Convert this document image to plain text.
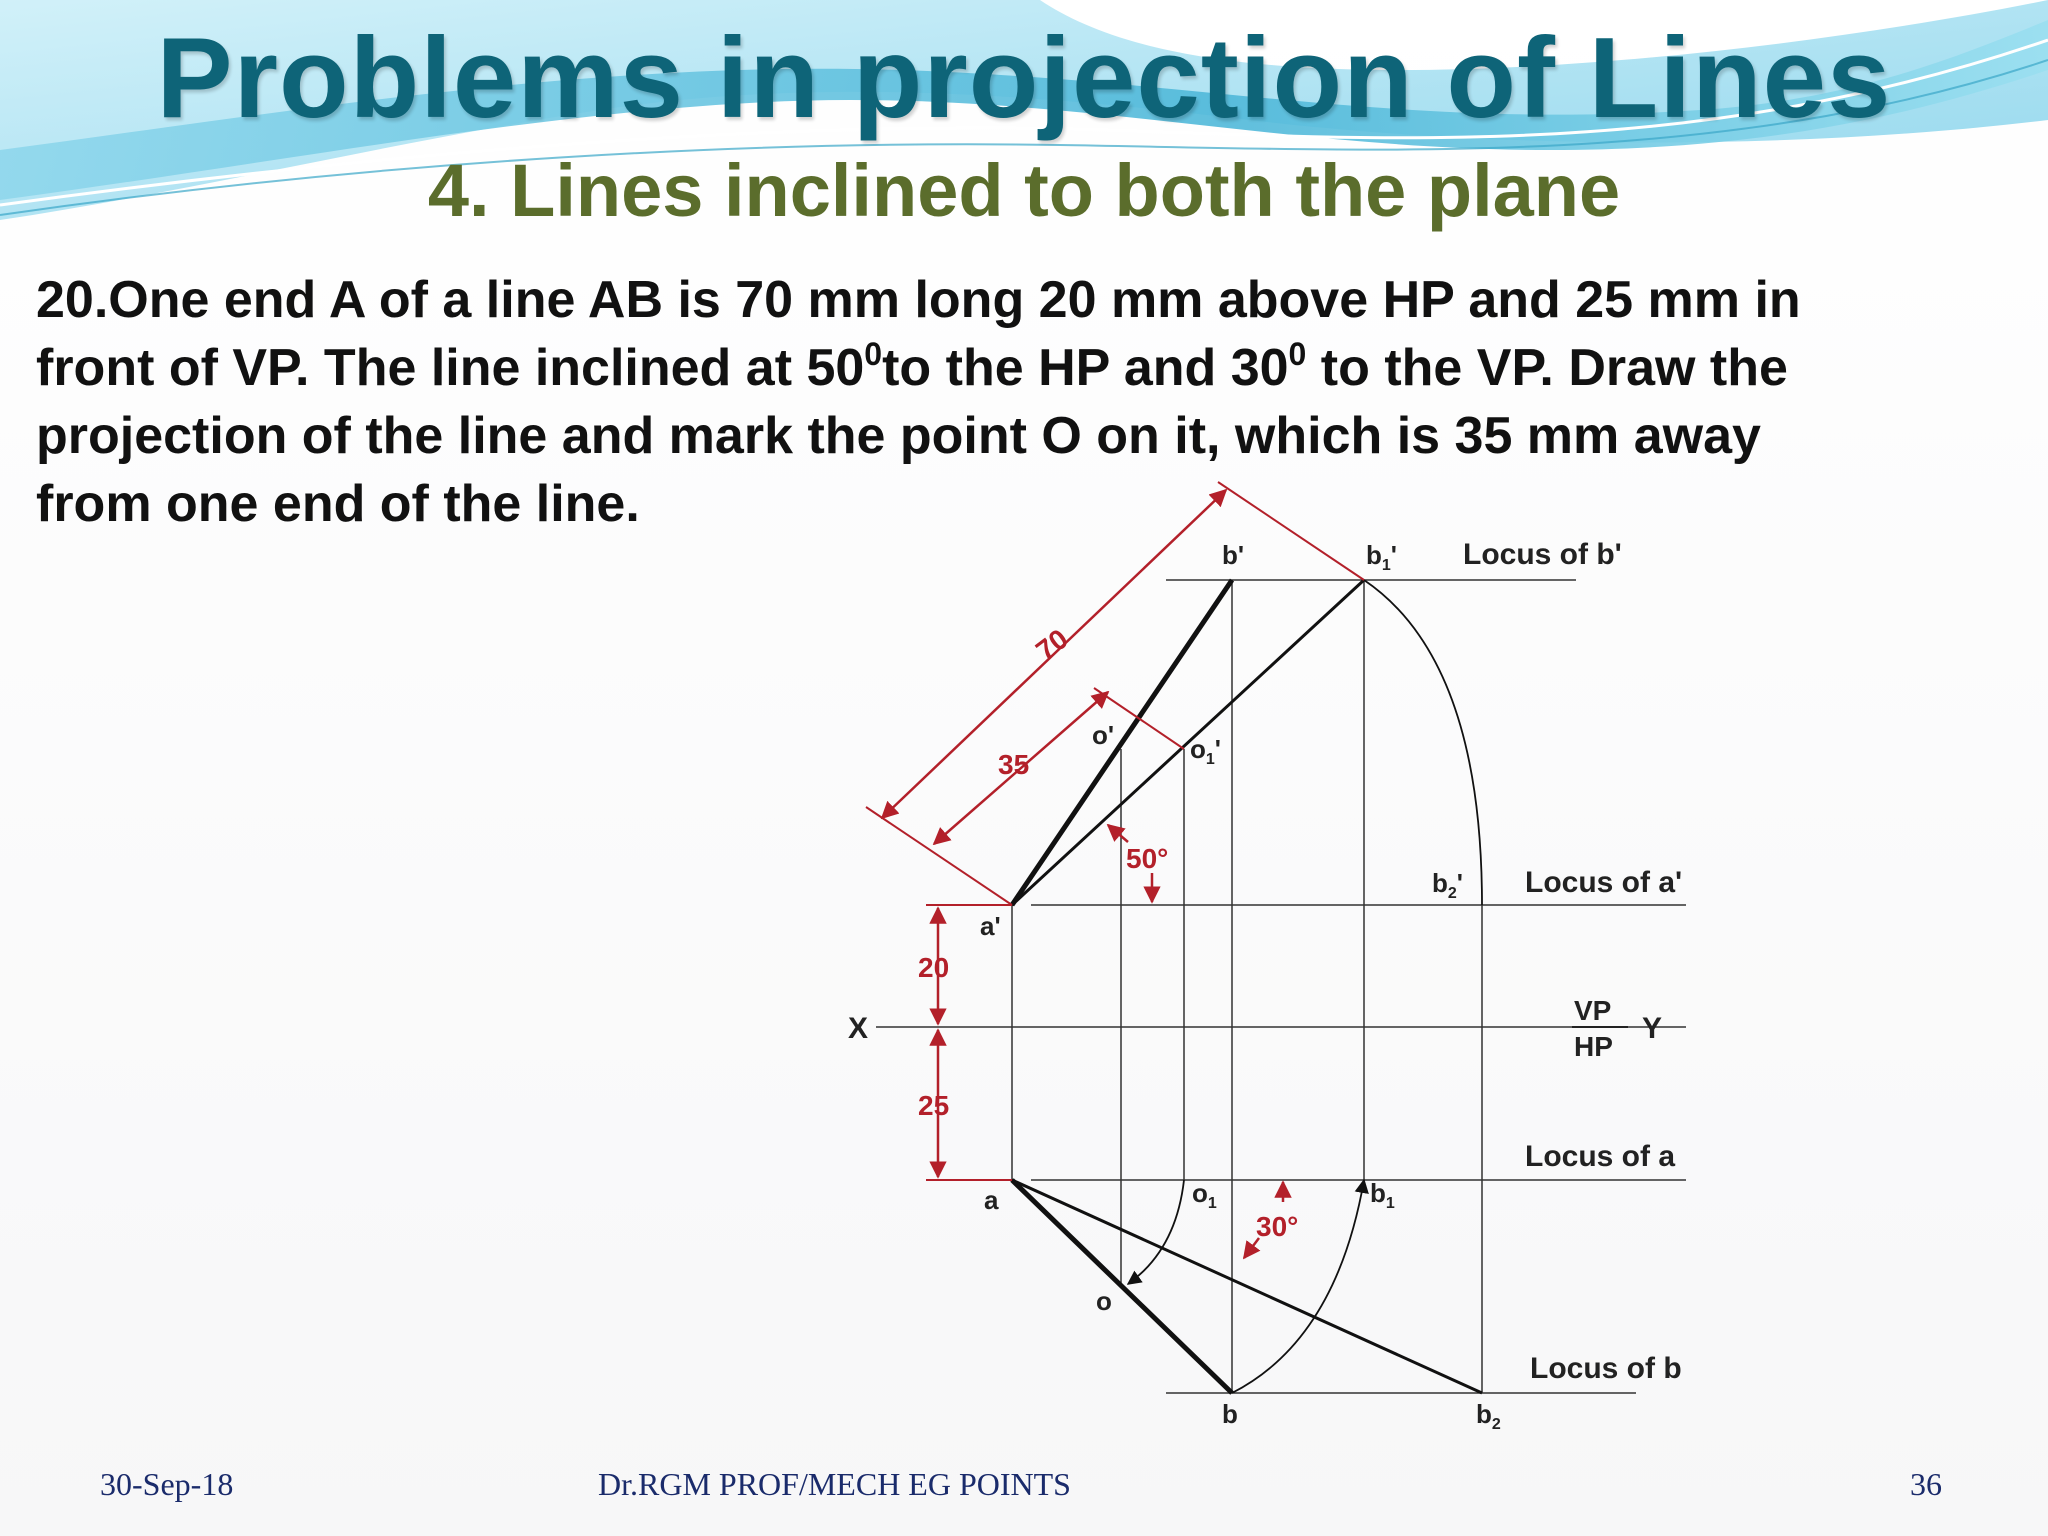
Problems in projection of Lines
4. Lines inclined to both the plane
20.One end A of a line AB is 70 mm long 20 mm above HP and 25 mm in
front of VP. The line inclined at $50^0to$ the HP and $30^0$ to the VP. Draw the
projection of the line and mark the point O on it, which is 35 mm away
from one end of the line.
70
35
20
25
50°
30°
b'	$b_1'$ Locus of b'
o'	$o_1'$
$b_2'$ Locus of a'
a'
X
VP
HP
Y
Locus of a
a	$o_1$	$b_1$
o
Locus of b
b	$b_2$
30-Sep-18	Dr.RGM PROF/MECH EG POINTS	36
